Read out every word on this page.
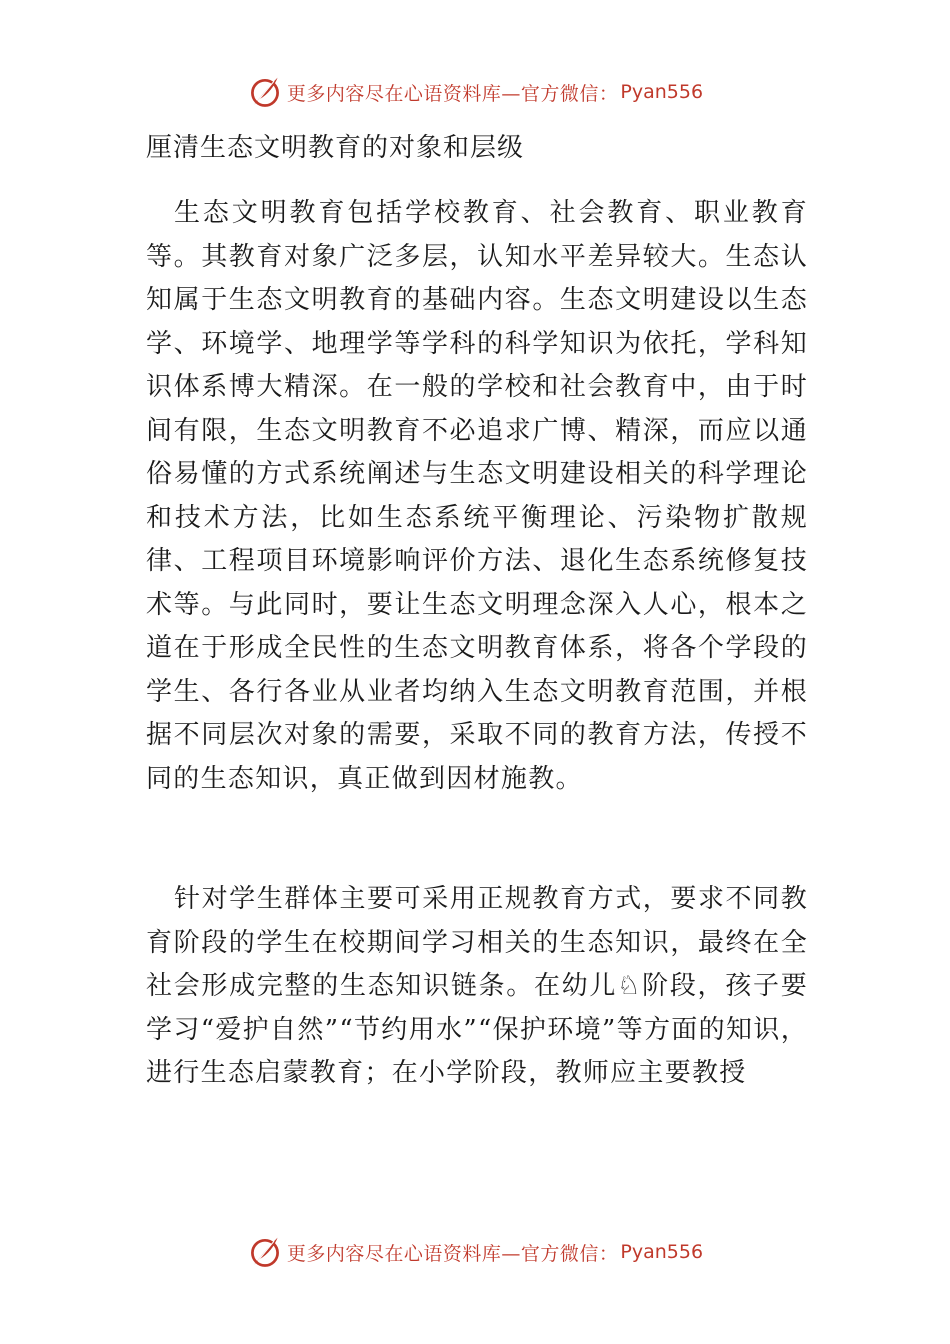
更多内容尽在心语资料库—官方微信： Pyan556
厘清生态文明教育的对象和层级

生态文明教育包括学校教育、社会教育、职业教育等。其教育对象广泛多层，认知水平差异较大。生态认知属于生态文明教育的基础内容。生态文明建设以生态学、环境学、地理学等学科的科学知识为依托，学科知识体系博大精深。在一般的学校和社会教育中，由于时间有限，生态文明教育不必追求广博、精深，而应以通俗易懂的方式系统阐述与生态文明建设相关的科学理论和技术方法，比如生态系统平衡理论、污染物扩散规律、工程项目环境影响评价方法、退化生态系统修复技术等。与此同时，要让生态文明理念深入人心，根本之道在于形成全民性的生态文明教育体系，将各个学段的学生、各行各业从业者均纳入生态文明教育范围，并根据不同层次对象的需要，采取不同的教育方法，传授不同的生态知识，真正做到因材施教。

针对学生群体主要可采用正规教育方式，要求不同教育阶段的学生在校期间学习相关的生态知识，最终在全社会形成完整的生态知识链条。在幼儿♘阶段，孩子要学习“爱护自然”“节约用水”“保护环境”等方面的知识，进行生态启蒙教育；在小学阶段，教师应主要教授

更多内容尽在心语资料库—官方微信： Pyan556
